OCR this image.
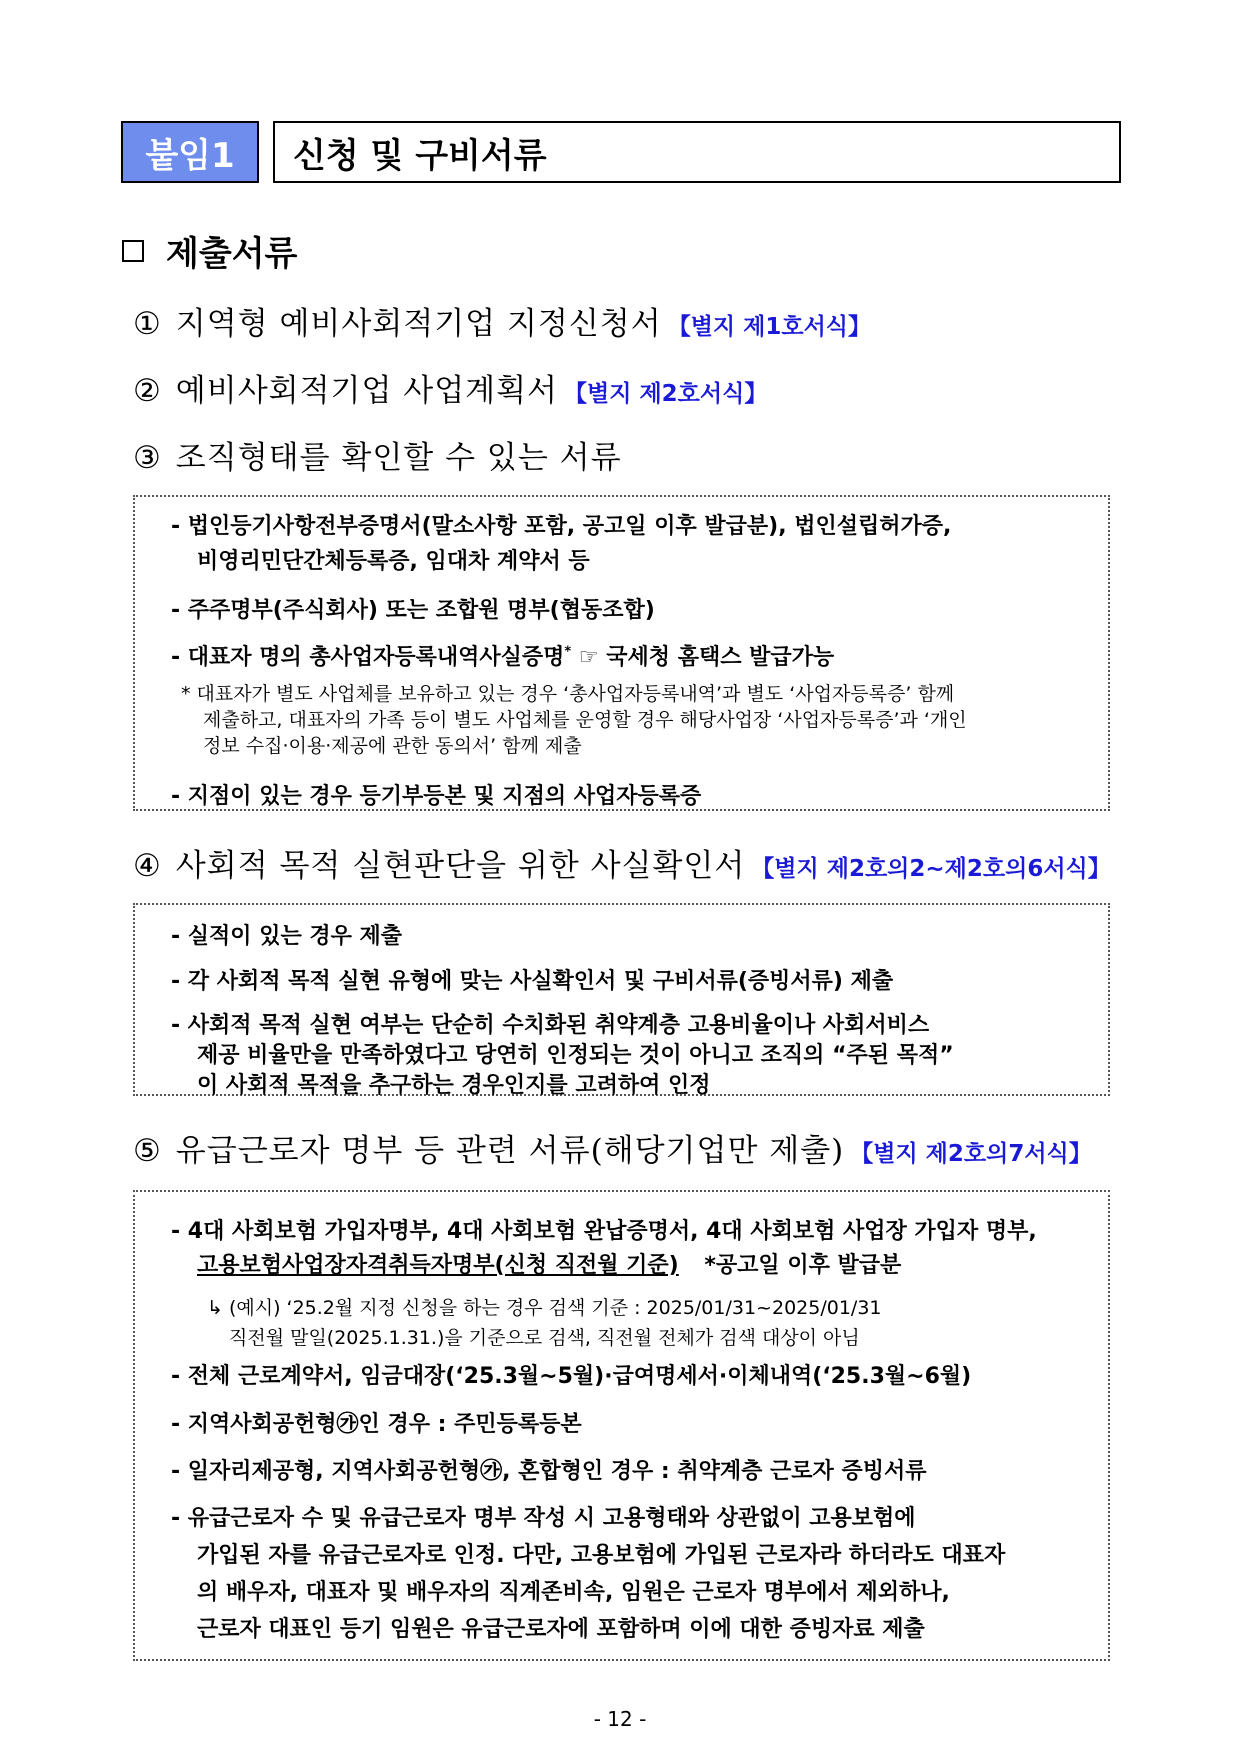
붙임1 신청 및 구비서류
제출서류
① 지역형 예비사회적기업 지정신청서 【별지 제1호서식】
② 예비사회적기업 사업계획서 【별지 제2호서식】
③ 조직형태를 확인할 수 있는 서류
- 법인등기사항전부증명서(말소사항 포함, 공고일 이후 발급분), 법인설립허가증,
비영리민단간체등록증, 임대차 계약서 등
- 주주명부(주식회사) 또는 조합원 명부(협동조합)
- 대표자 명의 총사업자등록내역사실증명* ☞ 국세청 홈택스 발급가능
* 대표자가 별도 사업체를 보유하고 있는 경우 ‘총사업자등록내역’과 별도 ‘사업자등록증’ 함께
제출하고, 대표자의 가족 등이 별도 사업체를 운영할 경우 해당사업장 ‘사업자등록증’과 ‘개인
정보 수집·이용·제공에 관한 동의서’ 함께 제출
- 지점이 있는 경우 등기부등본 및 지점의 사업자등록증
④ 사회적 목적 실현판단을 위한 사실확인서 【별지 제2호의2~제2호의6서식】
- 실적이 있는 경우 제출
- 각 사회적 목적 실현 유형에 맞는 사실확인서 및 구비서류(증빙서류) 제출
- 사회적 목적 실현 여부는 단순히 수치화된 취약계층 고용비율이나 사회서비스
제공 비율만을 만족하였다고 당연히 인정되는 것이 아니고 조직의 “주된 목적”
이 사회적 목적을 추구하는 경우인지를 고려하여 인정
⑤ 유급근로자 명부 등 관련 서류(해당기업만 제출) 【별지 제2호의7서식】
- 4대 사회보험 가입자명부, 4대 사회보험 완납증명서, 4대 사회보험 사업장 가입자 명부,
고용보험사업장자격취득자명부(신청 직전월 기준) *공고일 이후 발급분
↳ (예시) ‘25.2월 지정 신청을 하는 경우 검색 기준 : 2025/01/31~2025/01/31
직전월 말일(2025.1.31.)을 기준으로 검색, 직전월 전체가 검색 대상이 아님
- 전체 근로계약서, 임금대장(‘25.3월~5월)·급여명세서·이체내역(‘25.3월~6월)
- 지역사회공헌형㉮인 경우 : 주민등록등본
- 일자리제공형, 지역사회공헌형㉮, 혼합형인 경우 : 취약계층 근로자 증빙서류
- 유급근로자 수 및 유급근로자 명부 작성 시 고용형태와 상관없이 고용보험에
가입된 자를 유급근로자로 인정. 다만, 고용보험에 가입된 근로자라 하더라도 대표자
의 배우자, 대표자 및 배우자의 직계존비속, 임원은 근로자 명부에서 제외하나,
근로자 대표인 등기 임원은 유급근로자에 포함하며 이에 대한 증빙자료 제출
- 12 -
